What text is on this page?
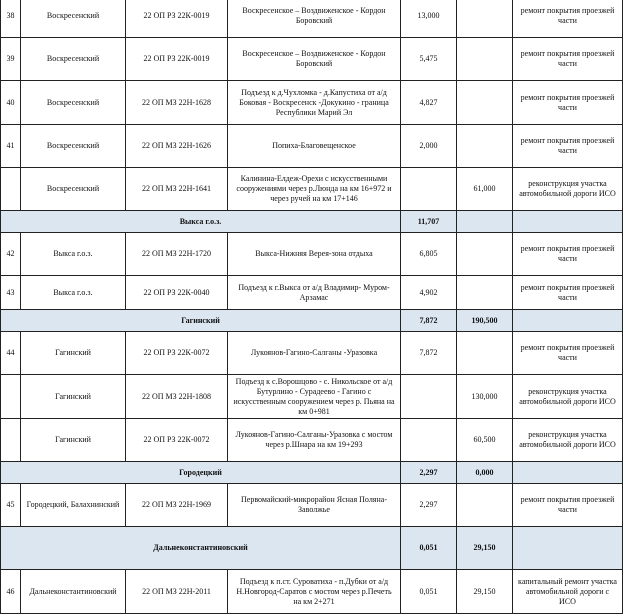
38	Воскресенский	22 ОП РЗ 22К-0019	Воскресенское – Воздвиженское - Кордон Боровский	13,000		ремонт покрытия проезжей части
39	Воскресенский	22 ОП РЗ 22К-0019	Воскресенское – Воздвиженское - Кордон Боровский	5,475		ремонт покрытия проезжей части
40	Воскресенский	22 ОП МЗ 22Н-1628	Подъезд к д.Чухломка - д.Капустиха от а/д Боковая - Воскресенск -Докукино - граница Республики Марий Эл	4,827		ремонт покрытия проезжей части
41	Воскресенский	22 ОП МЗ 22Н-1626	Попиха-Благовещенское	2,000		ремонт покрытия проезжей части
	Воскресенский	22 ОП МЗ 22Н-1641	Калинина-Елдеж-Орехи с искусственными сооружениями через р.Люнда на км 16+972 и через ручей на км 17+146		61,000	реконструкция участка автомобильной дороги ИСО
Выкса г.о.з.				11,707		
42	Выкса г.о.з.	22 ОП МЗ 22Н-1720	Выкса-Нижняя Верея-зона отдыха	6,805		ремонт покрытия проезжей части
43	Выкса г.о.з.	22 ОП РЗ 22К-0040	Подъезд к г.Выкса от а/д Владимир- Муром-Арзамас	4,902		ремонт покрытия проезжей части
Гагинский				7,872	190,500	
44	Гагинский	22 ОП РЗ 22К-0072	Лукоянов-Гагино-Салганы -Уразовка	7,872		ремонт покрытия проезжей части
	Гагинский	22 ОП МЗ 22Н-1808	Подъезд к с.Ворошцово - с. Никольское от а/д Бутурлино - Сурадеево - Гагино с искусственным сооружением через р. Пьяна на км 0+981		130,000	реконструкция участка автомобильной дороги ИСО
	Гагинский	22 ОП РЗ 22К-0072	Лукоянов-Гагино-Салганы-Уразовка с мостом через р.Шнара на км 19+293		60,500	реконструкция участка автомобильной дороги ИСО
Городецкий				2,297	0,000	
45	Городецкий, Балахнинский	22 ОП МЗ 22Н-1969	Первомайский-микрорайон Ясная Поляна-Заволжье	2,297		ремонт покрытия проезжей части
Дальнеконстантиновский				0,051	29,150	
46	Дальнеконстантиновский	22 ОП МЗ 22Н-2011	Подъезд к п.ст. Суроватиха - п.Дубки от а/д Н.Новгород-Саратов с мостом через р.Печеть на км 2+271	0,051	29,150	капитальный ремонт участка автомобильной дороги с ИСО
